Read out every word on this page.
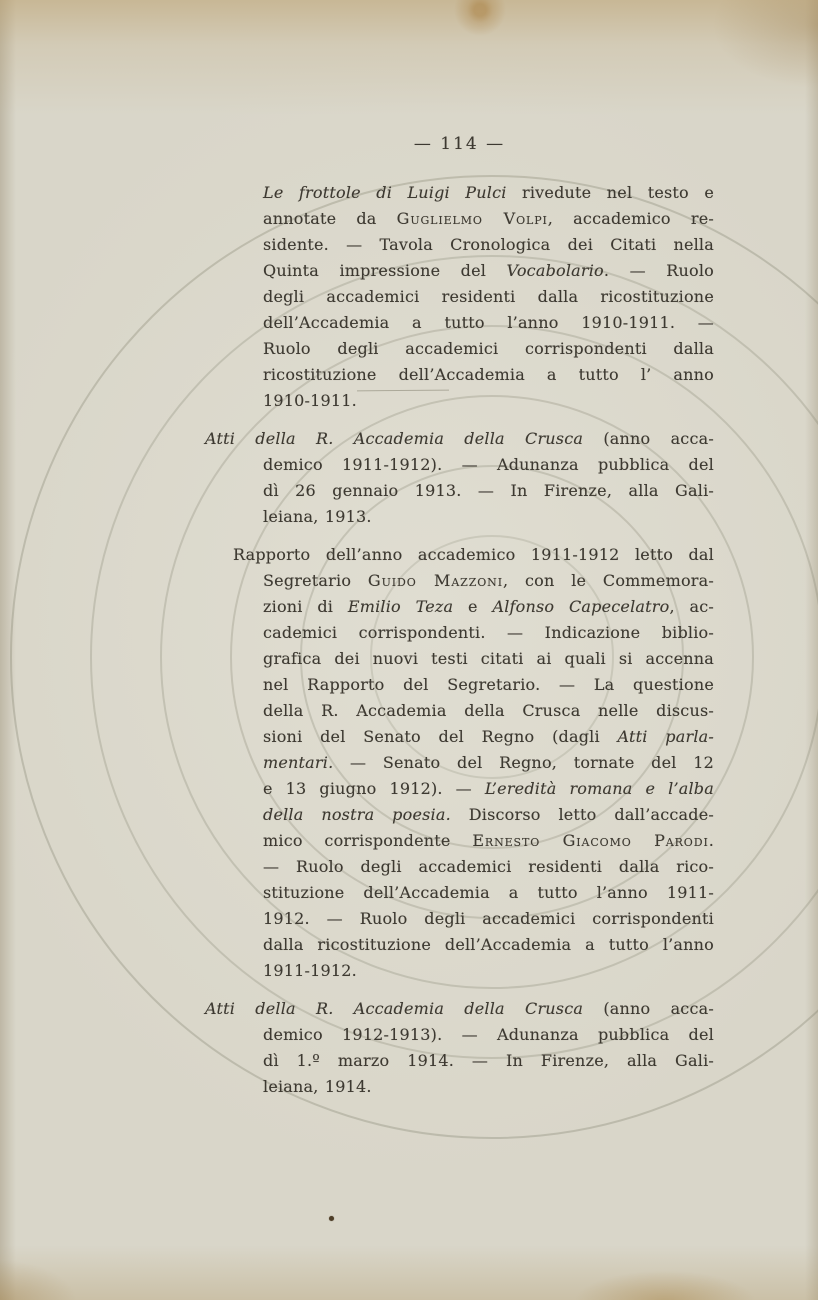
— 114 —
Le frottole di Luigi Pulci rivedute nel testo e
annotate da Guglielmo Volpi, accademico re-
sidente. — Tavola Cronologica dei Citati nella
Quinta impressione del Vocabolario. — Ruolo
degli accademici residenti dalla ricostituzione
dell’Accademia a tutto l’anno 1910-1911. —
Ruolo degli accademici corrispondenti dalla
ricostituzione dell’Accademia a tutto l’ anno
1910-1911.
Atti della R. Accademia della Crusca (anno acca-
demico 1911-1912). — Adunanza pubblica del
dì 26 gennaio 1913. — In Firenze, alla Gali-
leiana, 1913.
Rapporto dell’anno accademico 1911-1912 letto dal
Segretario Guido Mazzoni, con le Commemora-
zioni di Emilio Teza e Alfonso Capecelatro, ac-
cademici corrispondenti. — Indicazione biblio-
grafica dei nuovi testi citati ai quali si accenna
nel Rapporto del Segretario. — La questione
della R. Accademia della Crusca nelle discus-
sioni del Senato del Regno (dagli Atti parla-
mentari. — Senato del Regno, tornate del 12
e 13 giugno 1912). — L’eredità romana e l’alba
della nostra poesia. Discorso letto dall’accade-
mico corrispondente Ernesto Giacomo Parodi.
— Ruolo degli accademici residenti dalla rico-
stituzione dell’Accademia a tutto l’anno 1911-
1912. — Ruolo degli accademici corrispondenti
dalla ricostituzione dell’Accademia a tutto l’anno
1911-1912.
Atti della R. Accademia della Crusca (anno acca-
demico 1912-1913). — Adunanza pubblica del
dì 1.º marzo 1914. — In Firenze, alla Gali-
leiana, 1914.
